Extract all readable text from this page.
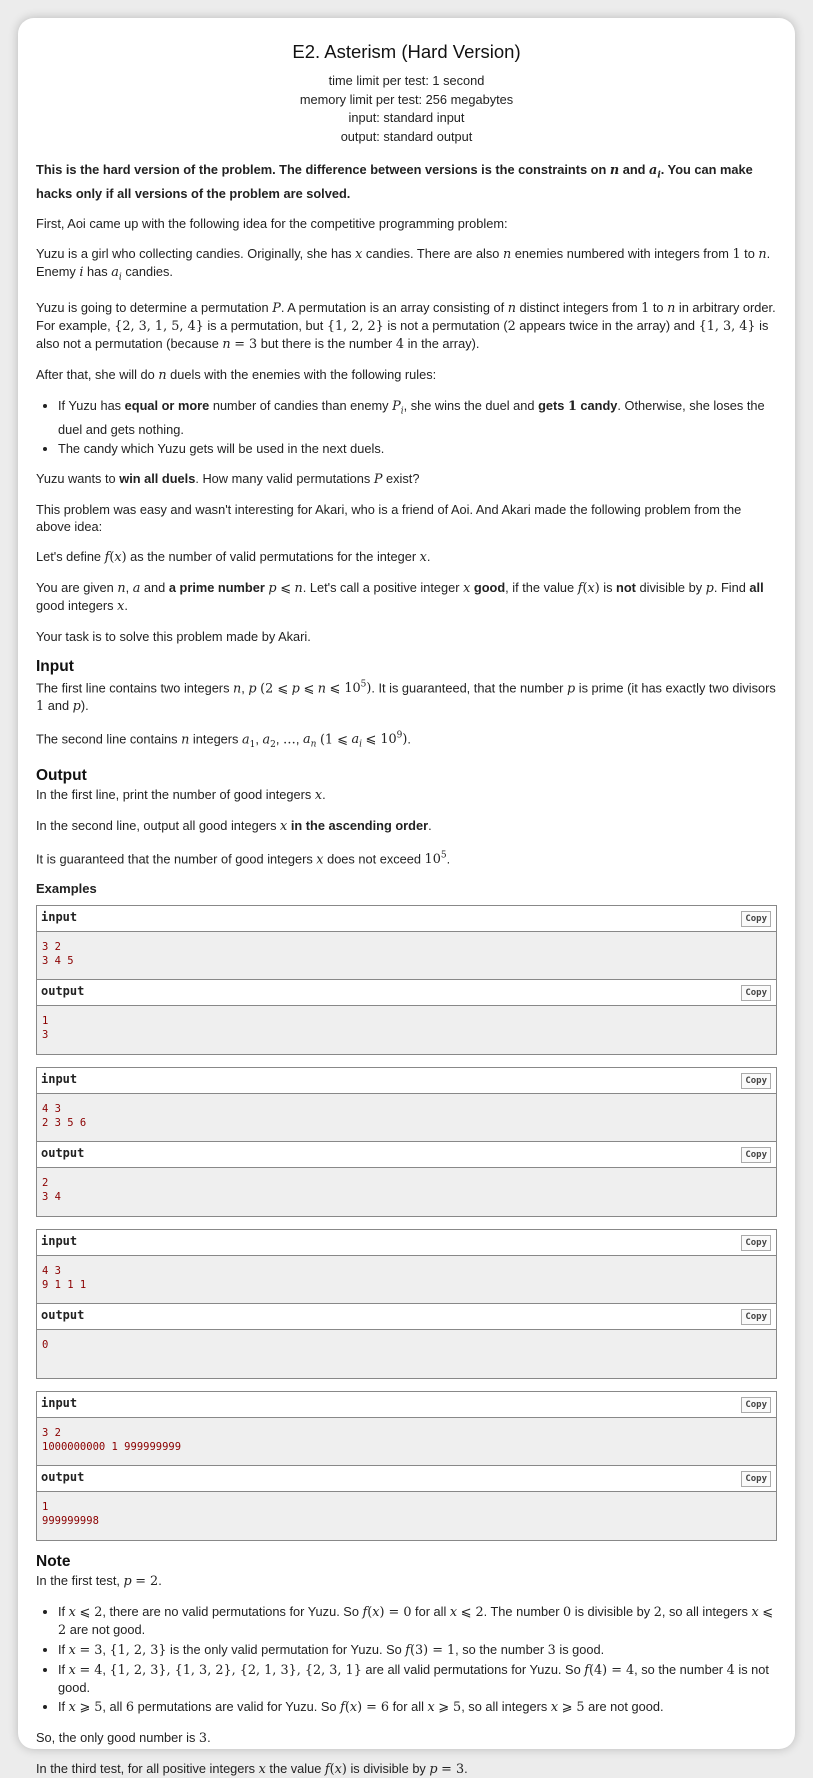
E2. Asterism (Hard Version)
time limit per test: 1 second
memory limit per test: 256 megabytes
input: standard input
output: standard output

This is the hard version of the problem. The difference between versions is the constraints on n and $a_i$. You can make hacks only if all versions of the problem are solved.

First, Aoi came up with the following idea for the competitive programming problem:

Yuzu is a girl who collecting candies. Originally, she has x candies. There are also n enemies numbered with integers from 1 to n. Enemy i has $a_i$ candies.

Yuzu is going to determine a permutation P. A permutation is an array consisting of n distinct integers from 1 to n in arbitrary order. For example, {2, 3, 1, 5, 4} is a permutation, but {1, 2, 2} is not a permutation (2 appears twice in the array) and {1, 3, 4} is also not a permutation (because n = 3 but there is the number 4 in the array).

After that, she will do n duels with the enemies with the following rules:

• If Yuzu has equal or more number of candies than enemy $P_i$, she wins the duel and gets 1 candy. Otherwise, she loses the duel and gets nothing.
• The candy which Yuzu gets will be used in the next duels.

Yuzu wants to win all duels. How many valid permutations P exist?

This problem was easy and wasn't interesting for Akari, who is a friend of Aoi. And Akari made the following problem from the above idea:

Let's define f(x) as the number of valid permutations for the integer x.

You are given n, a and a prime number p ⩽ n. Let's call a positive integer x good, if the value f(x) is not divisible by p. Find all good integers x.

Your task is to solve this problem made by Akari.

Input

The first line contains two integers n, p (2 ⩽ p ⩽ n ⩽ $10^5$). It is guaranteed, that the number p is prime (it has exactly two divisors 1 and p).

The second line contains n integers $a_1$, $a_2$, …, $a_n$ (1 ⩽ $a_i$ ⩽ $10^9$).

Output

In the first line, print the number of good integers x.

In the second line, output all good integers x in the ascending order.

It is guaranteed that the number of good integers x does not exceed $10^5$.

Examples
input	Copy
3 2
3 4 5
output	Copy
1
3
input	Copy
4 3
2 3 5 6
output	Copy
2
3 4
input	Copy
4 3
9 1 1 1
output	Copy
0
input	Copy
3 2
1000000000 1 999999999
output	Copy
1
999999998
Note

In the first test, p = 2.

• If x ⩽ 2, there are no valid permutations for Yuzu. So f(x) = 0 for all x ⩽ 2. The number 0 is divisible by 2, so all integers x ⩽ 2 are not good.
• If x = 3, {1, 2, 3} is the only valid permutation for Yuzu. So f(3) = 1, so the number 3 is good.
• If x = 4, {1, 2, 3}, {1, 3, 2}, {2, 1, 3}, {2, 3, 1} are all valid permutations for Yuzu. So f(4) = 4, so the number 4 is not good.
• If x ⩾ 5, all 6 permutations are valid for Yuzu. So f(x) = 6 for all x ⩾ 5, so all integers x ⩾ 5 are not good.

So, the only good number is 3.

In the third test, for all positive integers x the value f(x) is divisible by p = 3.
